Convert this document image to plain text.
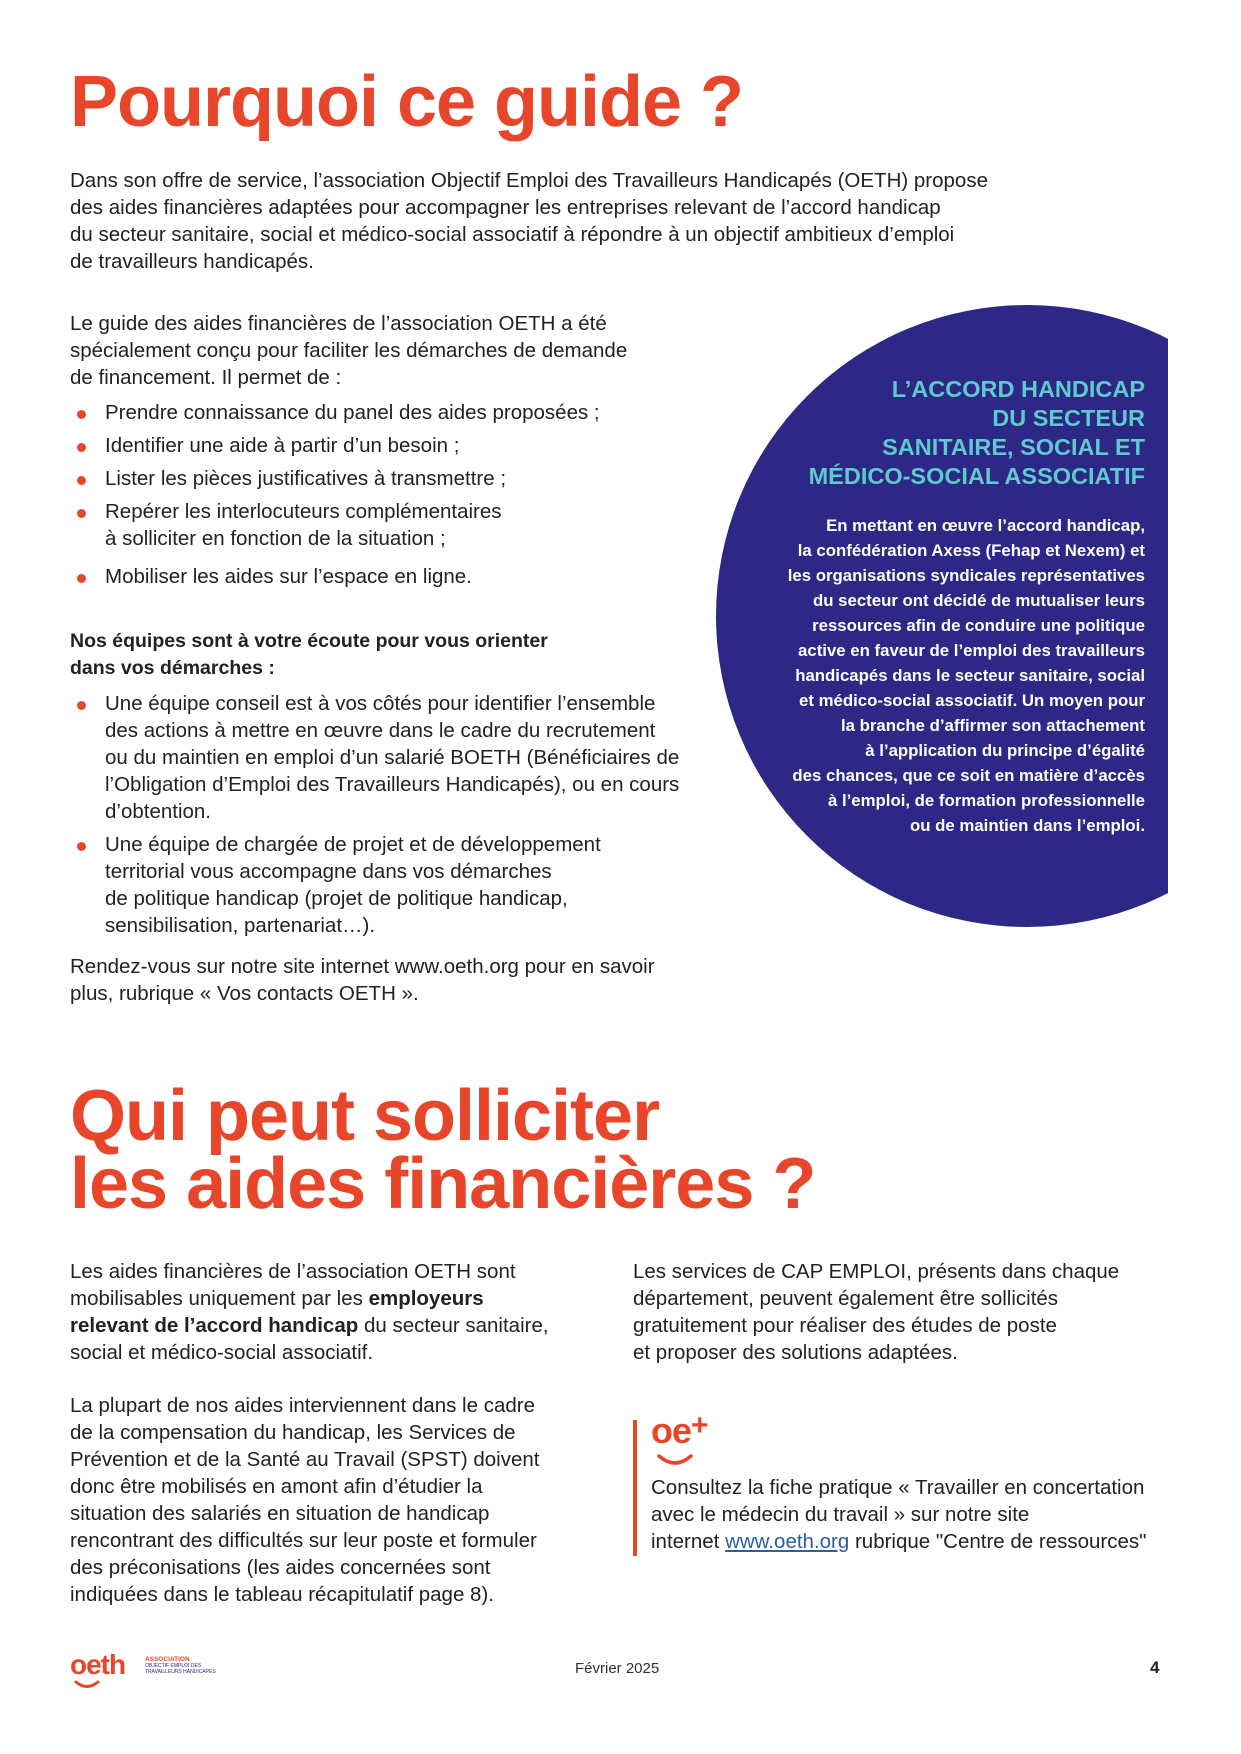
Pourquoi ce guide ?
Dans son offre de service, l’association Objectif Emploi des Travailleurs Handicapés (OETH) propose
des aides financières adaptées pour accompagner les entreprises relevant de l’accord handicap
du secteur sanitaire, social et médico-social associatif à répondre à un objectif ambitieux d’emploi
de travailleurs handicapés.
Le guide des aides financières de l’association OETH a été
spécialement conçu pour faciliter les démarches de demande
de financement. Il permet de :
Prendre connaissance du panel des aides proposées ;
Identifier une aide à partir d’un besoin ;
Lister les pièces justificatives à transmettre ;
Repérer les interlocuteurs complémentaires
à solliciter en fonction de la situation ;
Mobiliser les aides sur l’espace en ligne.

Nos équipes sont à votre écoute pour vous orienter
dans vos démarches :

Une équipe conseil est à vos côtés pour identifier l’ensemble
des actions à mettre en œuvre dans le cadre du recrutement
ou du maintien en emploi d’un salarié BOETH (Bénéficiaires de
l’Obligation d’Emploi des Travailleurs Handicapés), ou en cours
d’obtention.
Une équipe de chargée de projet et de développement
territorial vous accompagne dans vos démarches
de politique handicap (projet de politique handicap,
sensibilisation, partenariat…).
Rendez-vous sur notre site internet www.oeth.org pour en savoir
plus, rubrique « Vos contacts OETH ».
L’ACCORD HANDICAP
DU SECTEUR
SANITAIRE, SOCIAL ET
MÉDICO-SOCIAL ASSOCIATIF
En mettant en œuvre l’accord handicap,
la confédération Axess (Fehap et Nexem) et
les organisations syndicales représentatives
du secteur ont décidé de mutualiser leurs
ressources afin de conduire une politique
active en faveur de l’emploi des travailleurs
handicapés dans le secteur sanitaire, social
et médico-social associatif. Un moyen pour
la branche d’affirmer son attachement
à l’application du principe d’égalité
des chances, que ce soit en matière d’accès
à l’emploi, de formation professionnelle
ou de maintien dans l’emploi.
Qui peut solliciter
les aides financières ?
Les aides financières de l’association OETH sont
mobilisables uniquement par les employeurs
relevant de l’accord handicap du secteur sanitaire,
social et médico-social associatif.
La plupart de nos aides interviennent dans le cadre
de la compensation du handicap, les Services de
Prévention et de la Santé au Travail (SPST) doivent
donc être mobilisés en amont afin d’étudier la
situation des salariés en situation de handicap
rencontrant des difficultés sur leur poste et formuler
des préconisations (les aides concernées sont
indiquées dans le tableau récapitulatif page 8).
Les services de CAP EMPLOI, présents dans chaque
département, peuvent également être sollicités
gratuitement pour réaliser des études de poste
et proposer des solutions adaptées.
oe+
Consultez la fiche pratique « Travailler en concertation
avec le médecin du travail » sur notre site
internet www.oeth.org rubrique "Centre de ressources"
oeth	ASSOCIATION
OBJECTIF EMPLOI DES
TRAVAILLEURS HANDICAPÉS	Février 2025	4
